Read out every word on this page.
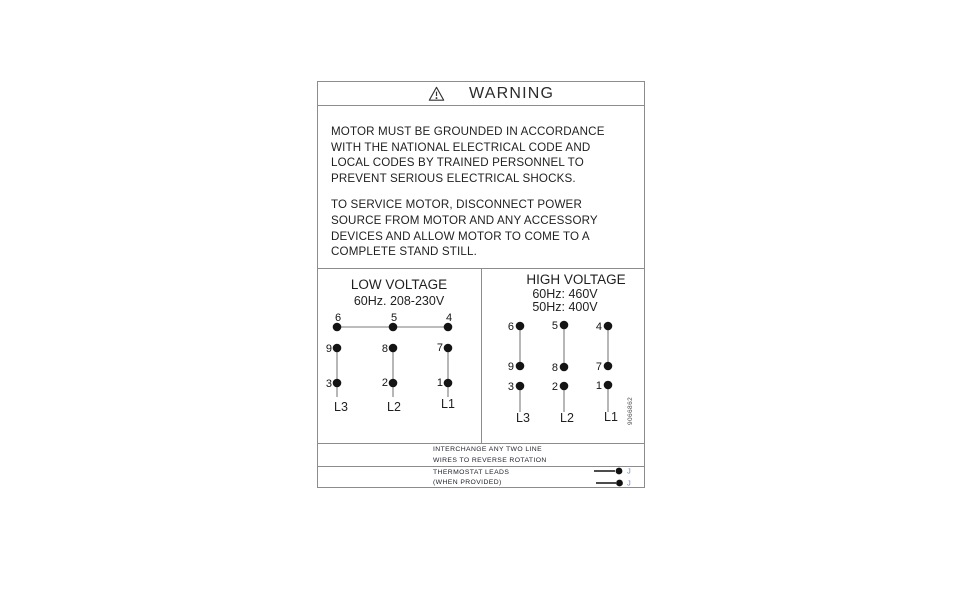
WARNING
MOTOR MUST BE GROUNDED IN ACCORDANCE
WITH THE NATIONAL ELECTRICAL CODE AND
LOCAL CODES BY TRAINED PERSONNEL TO
PREVENT SERIOUS ELECTRICAL SHOCKS.
TO SERVICE MOTOR, DISCONNECT POWER
SOURCE FROM MOTOR AND ANY ACCESSORY
DEVICES AND ALLOW MOTOR TO COME TO A
COMPLETE STAND STILL.
LOW VOLTAGE
60Hz. 208-230V
6	5	4
9	8	7
3	2	1
L3	L2	L1
HIGH VOLTAGE
60Hz: 460V
50Hz: 400V
6	5	4
9	8	7
3	2	1
L3 L2 L1 9066862
INTERCHANGE ANY TWO LINE
WIRES TO REVERSE ROTATION
THERMOSTAT LEADS
(WHEN PROVIDED)
J
J
